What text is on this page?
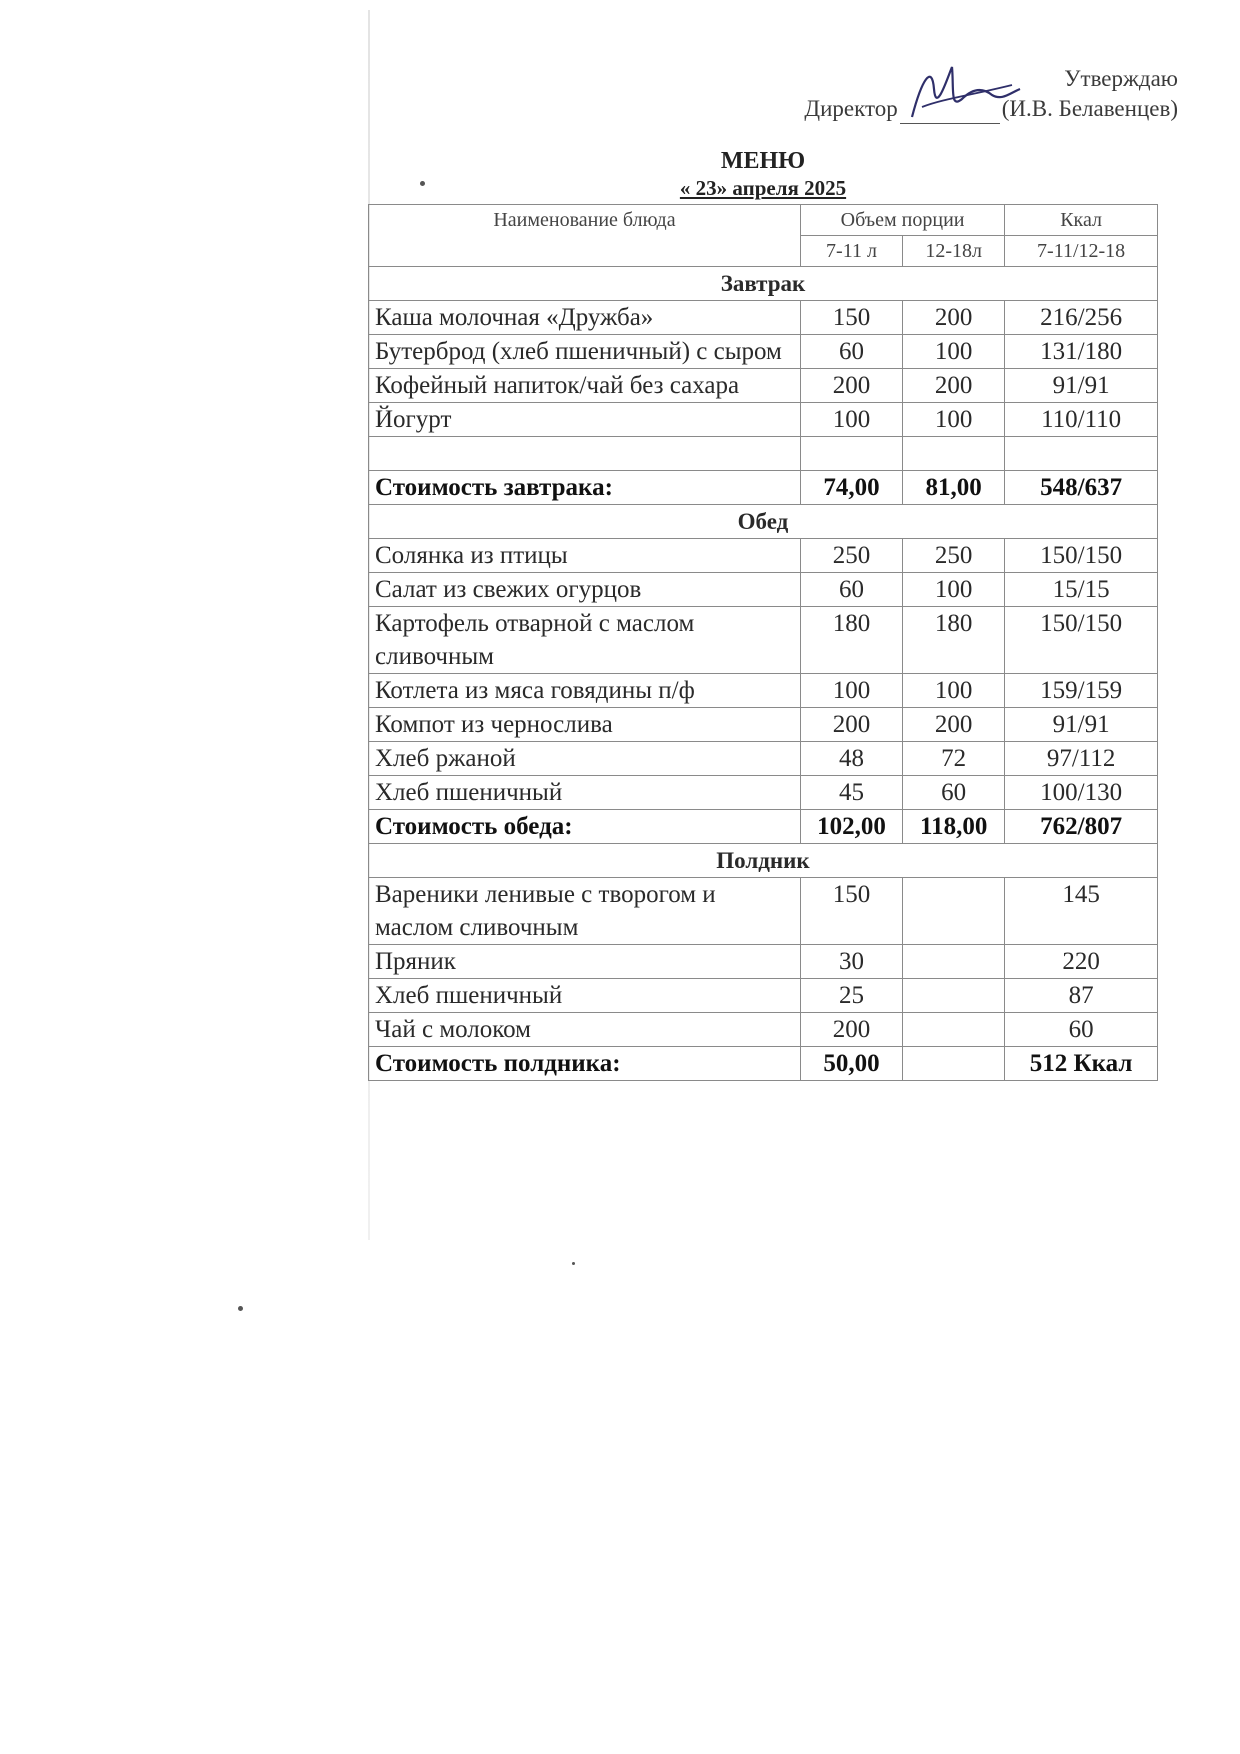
Утверждаю
Директор	(И.В. Белавенцев)
МЕНЮ
« 23» апреля 2025
Наименование блюда	Объем порции		Ккал
	7-11 л	12-18л	7-11/12-18
Завтрак			
Каша молочная «Дружба»	150	200	216/256
Бутерброд (хлеб пшеничный) с сыром	60	100	131/180
Кофейный напиток/чай без сахара	200	200	91/91
Йогурт	100	100	110/110

Стоимость завтрака:	74,00	81,00	548/637
Обед			
Солянка из птицы	250	250	150/150
Салат из свежих огурцов	60	100	15/15
Картофель отварной с маслом сливочным	180	180	150/150
Котлета из мяса говядины п/ф	100	100	159/159
Компот из чернослива	200	200	91/91
Хлеб ржаной	48	72	97/112
Хлеб пшеничный	45	60	100/130
Стоимость обеда:	102,00	118,00	762/807
Полдник			
Вареники ленивые с творогом и маслом сливочным	150		145
Пряник	30		220
Хлеб пшеничный	25		87
Чай с молоком	200		60
Стоимость полдника:	50,00		512 Ккал
